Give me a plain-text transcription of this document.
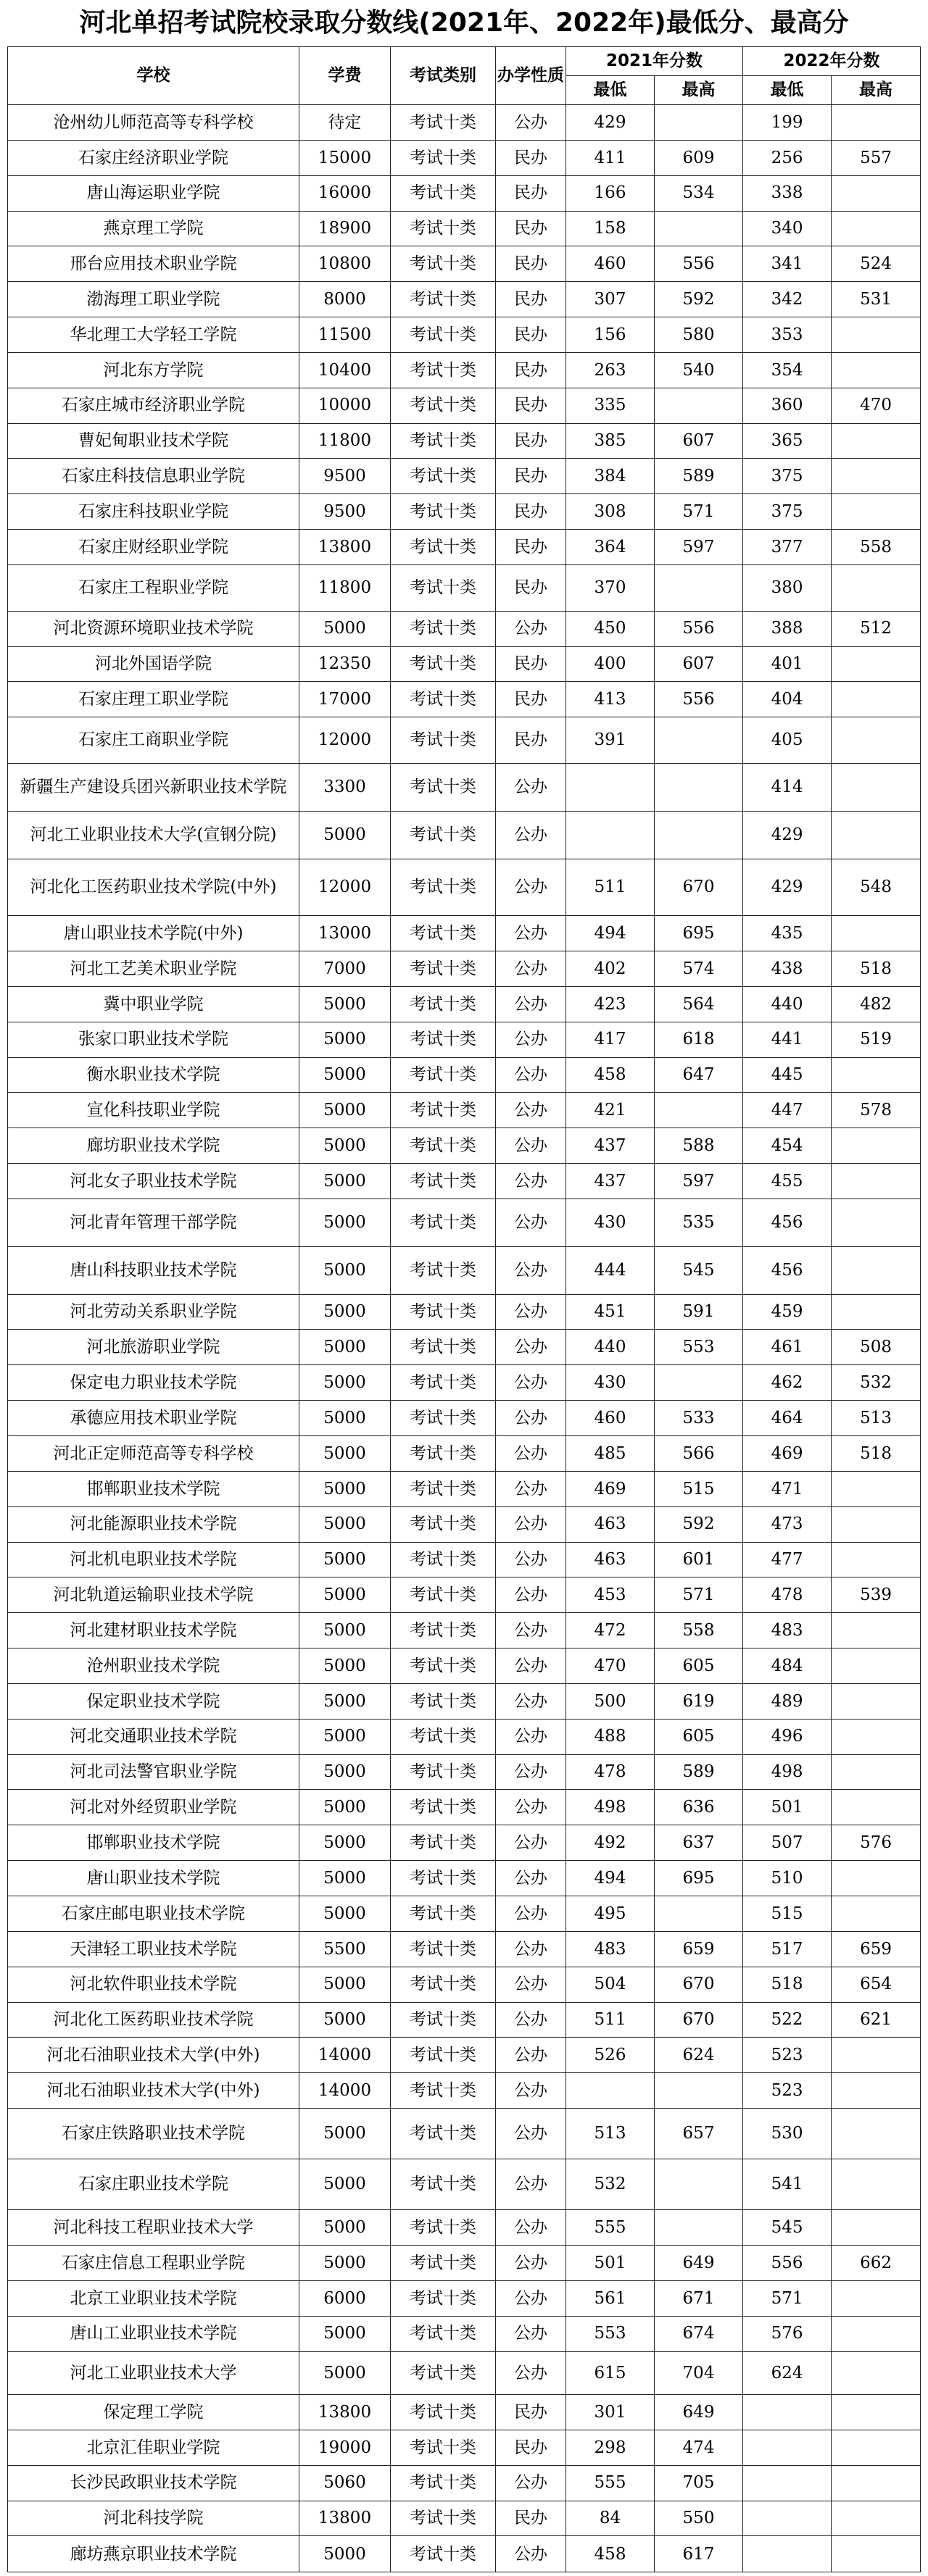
河北单招考试院校录取分数线(2021年、2022年)最低分、最高分
学校	学费	考试类别	办学性质	2021年分数		2022年分数	
				最低	最高	最低	最高
沧州幼儿师范高等专科学校	待定	考试十类	公办	429		199	
石家庄经济职业学院	15000	考试十类	民办	411	609	256	557
唐山海运职业学院	16000	考试十类	民办	166	534	338	
燕京理工学院	18900	考试十类	民办	158		340	
邢台应用技术职业学院	10800	考试十类	民办	460	556	341	524
渤海理工职业学院	8000	考试十类	民办	307	592	342	531
华北理工大学轻工学院	11500	考试十类	民办	156	580	353	
河北东方学院	10400	考试十类	民办	263	540	354	
石家庄城市经济职业学院	10000	考试十类	民办	335		360	470
曹妃甸职业技术学院	11800	考试十类	民办	385	607	365	
石家庄科技信息职业学院	9500	考试十类	民办	384	589	375	
石家庄科技职业学院	9500	考试十类	民办	308	571	375	
石家庄财经职业学院	13800	考试十类	民办	364	597	377	558
石家庄工程职业学院	11800	考试十类	民办	370		380	
河北资源环境职业技术学院	5000	考试十类	公办	450	556	388	512
河北外国语学院	12350	考试十类	民办	400	607	401	
石家庄理工职业学院	17000	考试十类	民办	413	556	404	
石家庄工商职业学院	12000	考试十类	民办	391		405	
新疆生产建设兵团兴新职业技术学院	3300	考试十类	公办			414	
河北工业职业技术大学(宣钢分院)	5000	考试十类	公办			429	
河北化工医药职业技术学院(中外)	12000	考试十类	公办	511	670	429	548
唐山职业技术学院(中外)	13000	考试十类	公办	494	695	435	
河北工艺美术职业学院	7000	考试十类	公办	402	574	438	518
冀中职业学院	5000	考试十类	公办	423	564	440	482
张家口职业技术学院	5000	考试十类	公办	417	618	441	519
衡水职业技术学院	5000	考试十类	公办	458	647	445	
宣化科技职业学院	5000	考试十类	公办	421		447	578
廊坊职业技术学院	5000	考试十类	公办	437	588	454	
河北女子职业技术学院	5000	考试十类	公办	437	597	455	
河北青年管理干部学院	5000	考试十类	公办	430	535	456	
唐山科技职业技术学院	5000	考试十类	公办	444	545	456	
河北劳动关系职业学院	5000	考试十类	公办	451	591	459	
河北旅游职业学院	5000	考试十类	公办	440	553	461	508
保定电力职业技术学院	5000	考试十类	公办	430		462	532
承德应用技术职业学院	5000	考试十类	公办	460	533	464	513
河北正定师范高等专科学校	5000	考试十类	公办	485	566	469	518
邯郸职业技术学院	5000	考试十类	公办	469	515	471	
河北能源职业技术学院	5000	考试十类	公办	463	592	473	
河北机电职业技术学院	5000	考试十类	公办	463	601	477	
河北轨道运输职业技术学院	5000	考试十类	公办	453	571	478	539
河北建材职业技术学院	5000	考试十类	公办	472	558	483	
沧州职业技术学院	5000	考试十类	公办	470	605	484	
保定职业技术学院	5000	考试十类	公办	500	619	489	
河北交通职业技术学院	5000	考试十类	公办	488	605	496	
河北司法警官职业学院	5000	考试十类	公办	478	589	498	
河北对外经贸职业学院	5000	考试十类	公办	498	636	501	
邯郸职业技术学院	5000	考试十类	公办	492	637	507	576
唐山职业技术学院	5000	考试十类	公办	494	695	510	
石家庄邮电职业技术学院	5000	考试十类	公办	495		515	
天津轻工职业技术学院	5500	考试十类	公办	483	659	517	659
河北软件职业技术学院	5000	考试十类	公办	504	670	518	654
河北化工医药职业技术学院	5000	考试十类	公办	511	670	522	621
河北石油职业技术大学(中外)	14000	考试十类	公办	526	624	523	
河北石油职业技术大学(中外)	14000	考试十类	公办			523	
石家庄铁路职业技术学院	5000	考试十类	公办	513	657	530	
石家庄职业技术学院	5000	考试十类	公办	532		541	
河北科技工程职业技术大学	5000	考试十类	公办	555		545	
石家庄信息工程职业学院	5000	考试十类	公办	501	649	556	662
北京工业职业技术学院	6000	考试十类	公办	561	671	571	
唐山工业职业技术学院	5000	考试十类	公办	553	674	576	
河北工业职业技术大学	5000	考试十类	公办	615	704	624	
保定理工学院	13800	考试十类	民办	301	649		
北京汇佳职业学院	19000	考试十类	民办	298	474		
长沙民政职业技术学院	5060	考试十类	公办	555	705		
河北科技学院	13800	考试十类	民办	84	550		
廊坊燕京职业技术学院	5000	考试十类	公办	458	617		
